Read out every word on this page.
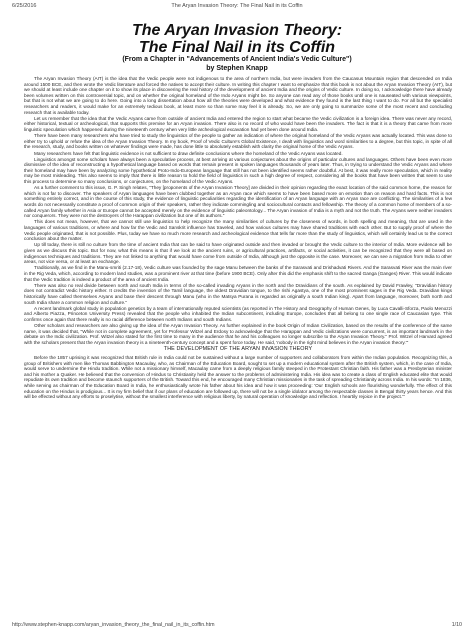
6/25/2016	The Aryan Invasion Theory: The Final Nail in its Coffin
The Aryan Invasion Theory:
The Final Nail in its Coffin
(From a Chapter in "Advancements of Ancient India's Vedic Culture")
by Stephen Knapp

The Aryan Invasion Theory (AIT) is the idea that the Vedic people were not indigenous to the area of northern India, but were invaders from the Caucasus Mountain region that descended on India around 1500 BCE, and then wrote the Vedic literature and forced the natives to accept their culture. In writing this chapter I want to emphasize that this book is not about the Aryan Invasion Theory (AIT), but we should at least include one chapter on it to show its place in discovering the real history of the development of ancient India and the origins of Vedic culture. In doing so, I acknowledge there have already been volumes written on this controversial topic, and on whether the original homeland of the Indo Aryans might be. So anyone can read any of those books until one is nauseated with various viewpoints, but that is not what we are going to do here. Going into a long dissertation about how all the theories were developed and what evidence they found is the last thing I want to do. For all but the specialist researchers and readers, it would make for an extremely tedious book, at least more so than some may feel it is already. So, we are only going to summarize some of the most recent and concluding research that is available today.

Let us remember that the idea that the Vedic Aryans came from outside of ancient India and entered the region to start what became the Vedic civilization is a foreign idea. There was never any record, either historical, textual or archeological, that supports this premise for an Aryan invasion. There also is no record of who would have been the invaders. The fact is that it is a theory that came from more linguistic speculation which happened during the nineteenth century when very little archeological excavation had yet been done around India.

There have been many researchers who have tried to study the linguistics of the people to gather an indication of where the original homeland of the Vedic Aryans was actually located. This was done to either try to uphold or refute the idea of the Aryan Invasion Theory. In my book, Proof of Vedic Culture's Global Existence, I dealt with linguistics and word similarities to a degree, but this topic, in spite of all the research, study, and books written on whatever findings were made, has done little to absolutely establish with clarity the original home of the Vedic Aryans.

Many researchers have felt that linguistic evidence is not sufficient to draw definite conclusions where the homeland of the Vedic Aryans was located.

Linguistics amongst some scholars have always been a speculative process, at best arriving at various conjectures about the origins of particular cultures and languages. Others have been even more dismissive of the idea of reconstructing a hypothetical language based on words that remain present in spoken languages thousands of years later. Thus, in trying to understand the Vedic Aryans and where their homeland may have been by analyzing some hypothetical Proto-Indo-European language that still has not been identified seems rather doubtful. At best, it was really more speculation, which in reality may be most misleading. This also seems to imply that there is little reason to hold the field of linguistics in such a high degree of respect, considering all the books that have been written that seem to use this process to determine so many conclusions, or conjectures, on the homeland of the Vedic Aryans.

As a further comment to this issue, G. P. Singh relates, "They [proponents of the Aryan Invasion Theory] are divided in their opinion regarding the exact location of the said common home, the reason for which is not far to discover. The speakers of Aryan languages have been clubbed together as an Aryan race which seems to have been based more on emotion than on reason and hard facts. This is not something entirely correct, and in the course of this study, the evidence of linguistic peculiarities regarding the identification of an Aryan language with an Aryan race are conflicting. The similarities of a few words do not necessarily constitute a proof of common origin of their speakers, rather they indicate commingling and sociocultural contacts and fellowship. The theory of a common home of members of a so-called Aryan family whether in Asia or Europe cannot be accepted merely on the evidence of linguistic paleontology... The Aryan invasion of India is a myth and not the truth. The Aryans were neither invaders nor conquerors. They were not the destroyers of the Harappan civilization but one of its authors."

This does not mean, however, that we cannot still use linguistics to help recognize the many similarities of cultures by the closeness of words, in both spelling and meaning, that are used in the languages of various traditions, or where and how far the Vedic and Sanskrit influence has traveled, and how various cultures may have shared traditions with each other. But to supply proof of where the Vedic people originated, that is not possible. Plus, today we have so much more research and archeological evidence that tells far more than the study of linguistics, which will certainly lead us to the correct conclusion about the matter.

Up till today, there is still no culture from the time of ancient India that can be said to have originated outside and then invaded or brought the Vedic culture to the interior of India. More evidence will be given as we discuss this topic. But for now, what this means is that if we look at the ancient ruins, or agricultural practices, artifacts, or social activities, it can be recognized that they were all based on indigenous techniques and traditions. They are not linked to anything that would have come from outside of India, although just the opposite is the case. Moreover, we can see a migration from India to other areas, not vice versa, or at least an exchange.

Traditionally, as we find in the Manu-smriti (2.17-18), Vedic culture was founded by the sage Manu between the banks of the Sarasvati and Drishadvati Rivers. And the Sarasvati River was the main river in the Rig Veda, which, according to modern land studies, was a prominent river at that time (before 1900 BCE). Only after this did the emphasis shift to the sacred Ganga (Ganges) River. This would indicate that the Vedic tradition is indeed a product of the area of ancient India.

There was also no real divide between north and south India in terms of the so-called invading Aryans in the north and the Dravidians of the south. As explained by David Frawley, "Dravidian history does not contradict Vedic history either. It credits the invention of the Tamil language, the oldest Dravidian tongue, to the rishi Agastya, one of the most prominent sages in the Rig Veda. Dravidian kings historically have called themselves Aryans and base their descent through Manu (who in the Matsya Purana is regarded as originally a south Indian king). Apart from language, moreover, both north and south India share a common religion and culture."

A recent landmark global study in population genetics by a team of internationally reputed scientists (as reported in The History and Geography of Human Genes, by Luca Cavalli-Sforza, Paolo Menozzi and Alberto Piazza, Princeton University Press) revealed that the people who inhabited the Indian subcontinent, including Europe, concludes that all belong to one single race of Caucasian type. This confirms once again that there really is no racial difference between north Indians and south Indians.

Other scholars and researchers are also giving up the idea of the Aryan Invasion Theory. As further explained in the book Origin of Indian Civilization, based on the results of the conference of the same name, it was decided that, "While not in complete agreement, yet for Professor Witzel and Erdosy to acknowledge that the Harappan and Vedic civilizations were concurrent, is an important landmark in the debate on the Indic civilization. Prof. Witzel also stated for the first time to many in the audience that he and his colleagues no longer subscribe to the Aryan Invasion Theory." Prof. Witzel of Harvard agreed with the scholars present that the Aryan invasion theory is a nineteenth-century concept and a spent force today. He said, 'nobody in the right mind believes in the Aryan invasion theory.'"

THE DEVELOPMENT OF THE ARYAN INVASION THEORY

Before the 1857 uprising it was recognized that British rule in India could not be sustained without a large number of supporters and collaborators from within the Indian population. Recognizing this, a group of Britishers with men like Thomas Babbington Macaulay, who, as Chairman of the Education Board, sought to set up a modern educational system after the British system, which, in the case of India, would serve to undermine the Hindu tradition. While not a missionary himself, Macaulay came from a deeply religious family steeped in the Protestant Christian faith. His father was a Presbyterian minister and his mother a Quaker. He believed that the conversion of Hindus to Christianity held the answer to the problems of administering India. His idea was to create a class of English educated elite that would repudiate its own tradition and become staunch supporters of the British. Toward this end, he encouraged many Christian missionaries in the task of spreading Christianity across India. In his words: "In 1836, while serving as chairman of the Education Board in India, he enthusiastically wrote his father about his idea and how it was proceeding: 'Our English schools are flourishing wonderfully. The effect of this education on the Hindus is prodigious... It is my firm belief that if our plans of education are followed up, there will not be a single idolator among the respectable classes in Bengal thirty years hence. And this will be effected without any efforts to proselytise, without the smallest interference with religious liberty, by natural operation of knowledge and reflection. I heartily rejoice in the project.'"

http://www.stephen-knapp.com/aryan_invasion_theory_the_final_nail_in_its_coffin.htm	1/10
